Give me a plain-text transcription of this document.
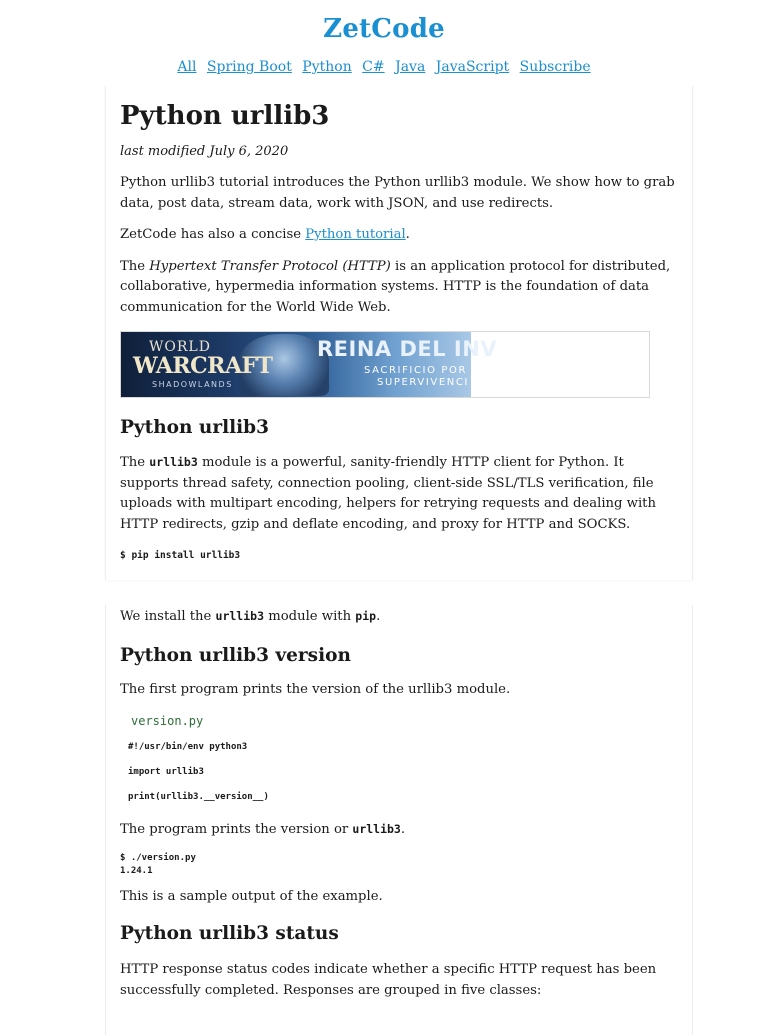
ZetCode
All Spring Boot Python C# Java JavaScript Subscribe
Python urllib3
last modified July 6, 2020

Python urllib3 tutorial introduces the Python urllib3 module. We show how to grab data, post data, stream data, work with JSON, and use redirects.

ZetCode has also a concise Python tutorial.

The Hypertext Transfer Protocol (HTTP) is an application protocol for distributed, collaborative, hypermedia information systems. HTTP is the foundation of data communication for the World Wide Web.

WORLD
WARCRAFT
SHADOWLANDS
REINA DEL INV
SACRIFICIO POR
SUPERVIVENCI
Python urllib3

The urllib3 module is a powerful, sanity-friendly HTTP client for Python. It supports thread safety, connection pooling, client-side SSL/TLS verification, file uploads with multipart encoding, helpers for retrying requests and dealing with HTTP redirects, gzip and deflate encoding, and proxy for HTTP and SOCKS.

$ pip install urllib3

We install the urllib3 module with pip.

Python urllib3 version

The first program prints the version of the urllib3 module.

version.py
#!/usr/bin/env python3
import urllib3
print(urllib3.__version__)

The program prints the version or urllib3.

$ ./version.py
1.24.1

This is a sample output of the example.

Python urllib3 status

HTTP response status codes indicate whether a specific HTTP request has been successfully completed. Responses are grouped in five classes:
